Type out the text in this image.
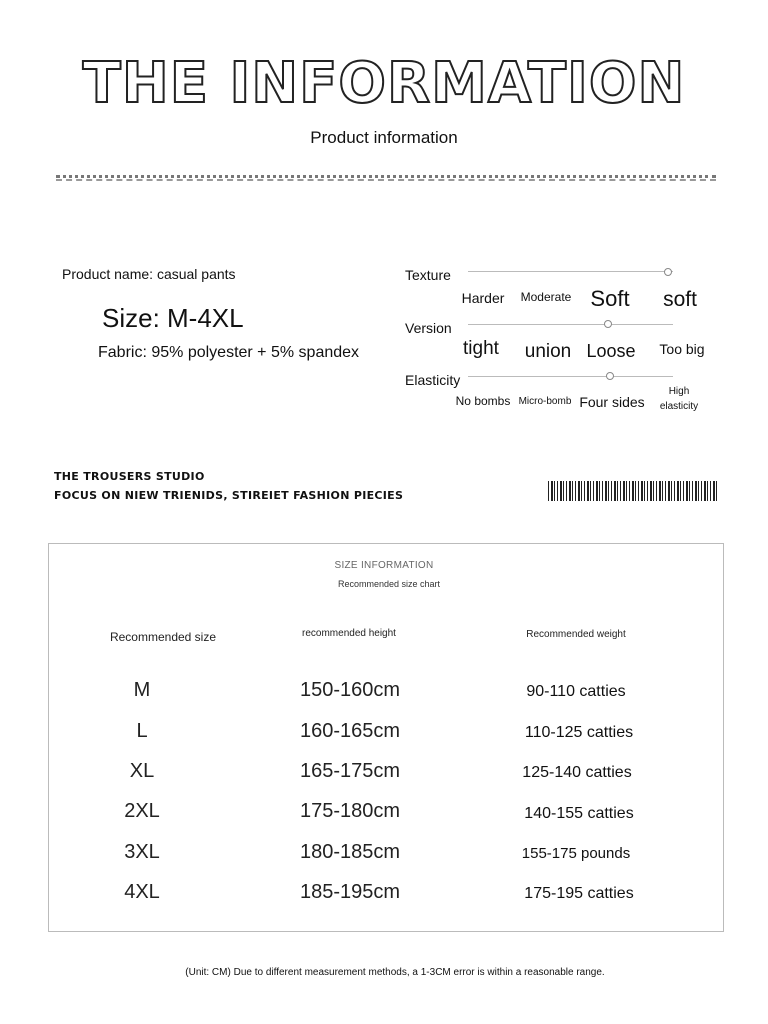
THE INFORMATION
Product information
Product name: casual pants
Size: M-4XL
Fabric: 95% polyester + 5% spandex
Texture
Harder	Moderate Soft	soft
Version
tight	union Loose	Too big
Elasticity
No bombs Micro-bomb Four sides
High elasticity
THE TROUSERS STUDIO
FOCUS ON NIEW TRIENIDS, STIREIET FASHION PIECIES
SIZE INFORMATION
Recommended size chart
Recommended size	recommended height	Recommended weight
M	150-160cm	90-110 catties
L	160-165cm	110-125 catties
XL	165-175cm	125-140 catties
2XL	175-180cm	140-155 catties
3XL	180-185cm	155-175 pounds
4XL	185-195cm	175-195 catties
(Unit: CM) Due to different measurement methods, a 1-3CM error is within a reasonable range.
